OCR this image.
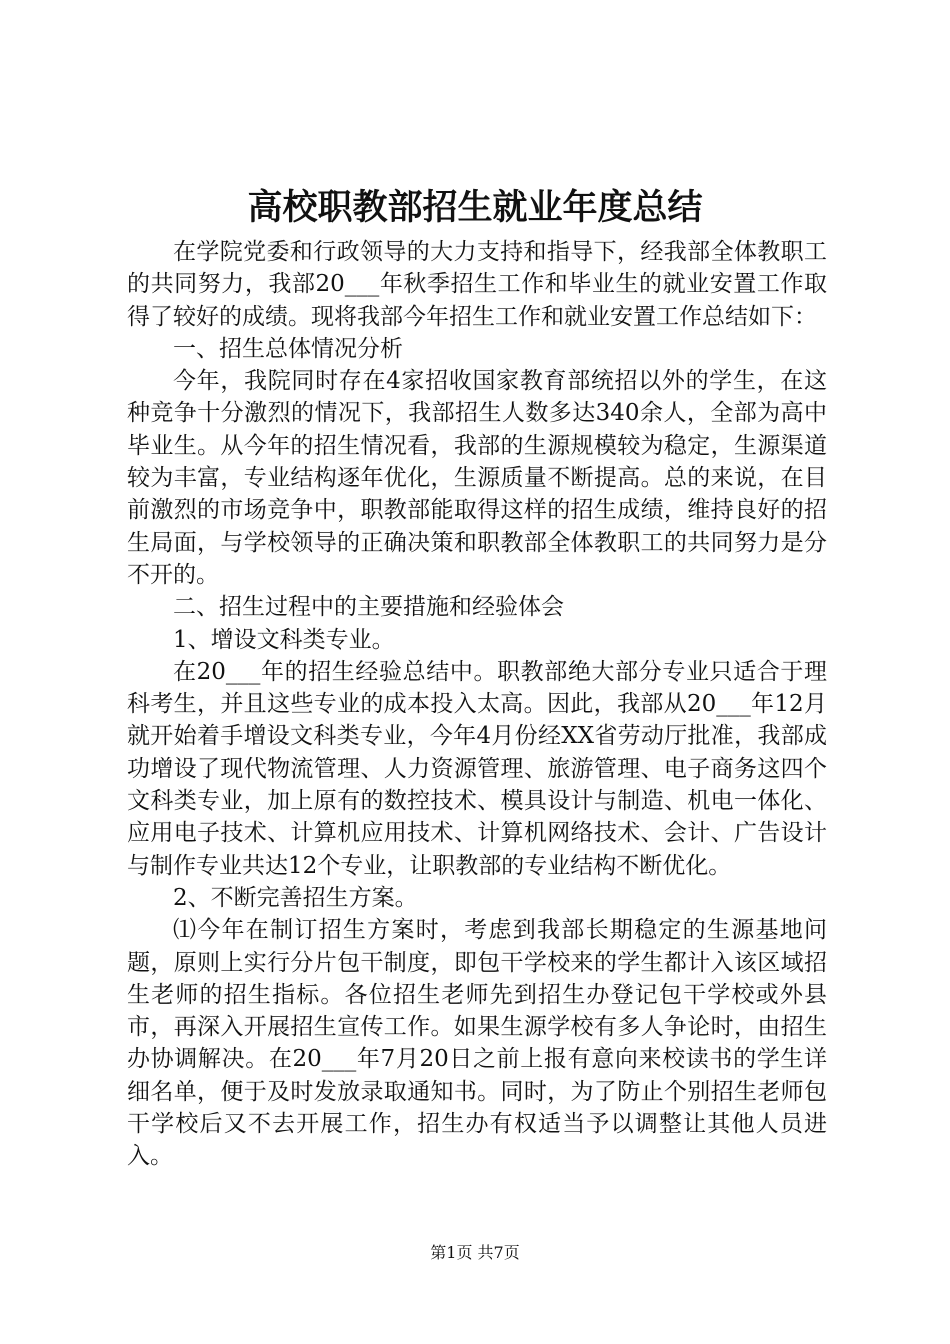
高校职教部招生就业年度总结

在学院党委和行政领导的大力支持和指导下，经我部全体教职工的共同努力，我部20___年秋季招生工作和毕业生的就业安置工作取得了较好的成绩。现将我部今年招生工作和就业安置工作总结如下：

一、招生总体情况分析

今年，我院同时存在4家招收国家教育部统招以外的学生，在这种竞争十分激烈的情况下，我部招生人数多达340余人，全部为高中毕业生。从今年的招生情况看，我部的生源规模较为稳定，生源渠道较为丰富，专业结构逐年优化，生源质量不断提高。总的来说，在目前激烈的市场竞争中，职教部能取得这样的招生成绩，维持良好的招生局面，与学校领导的正确决策和职教部全体教职工的共同努力是分不开的。

二、招生过程中的主要措施和经验体会

1、增设文科类专业。

在20___年的招生经验总结中。职教部绝大部分专业只适合于理科考生，并且这些专业的成本投入太高。因此，我部从20___年12月就开始着手增设文科类专业，今年4月份经XX省劳动厅批准，我部成功增设了现代物流管理、人力资源管理、旅游管理、电子商务这四个文科类专业，加上原有的数控技术、模具设计与制造、机电一体化、应用电子技术、计算机应用技术、计算机网络技术、会计、广告设计与制作专业共达12个专业，让职教部的专业结构不断优化。

2、不断完善招生方案。

⑴今年在制订招生方案时，考虑到我部长期稳定的生源基地问题，原则上实行分片包干制度，即包干学校来的学生都计入该区域招生老师的招生指标。各位招生老师先到招生办登记包干学校或外县市，再深入开展招生宣传工作。如果生源学校有多人争论时，由招生办协调解决。在20___年7月20日之前上报有意向来校读书的学生详细名单，便于及时发放录取通知书。同时，为了防止个别招生老师包干学校后又不去开展工作，招生办有权适当予以调整让其他人员进入。

第1页 共7页
